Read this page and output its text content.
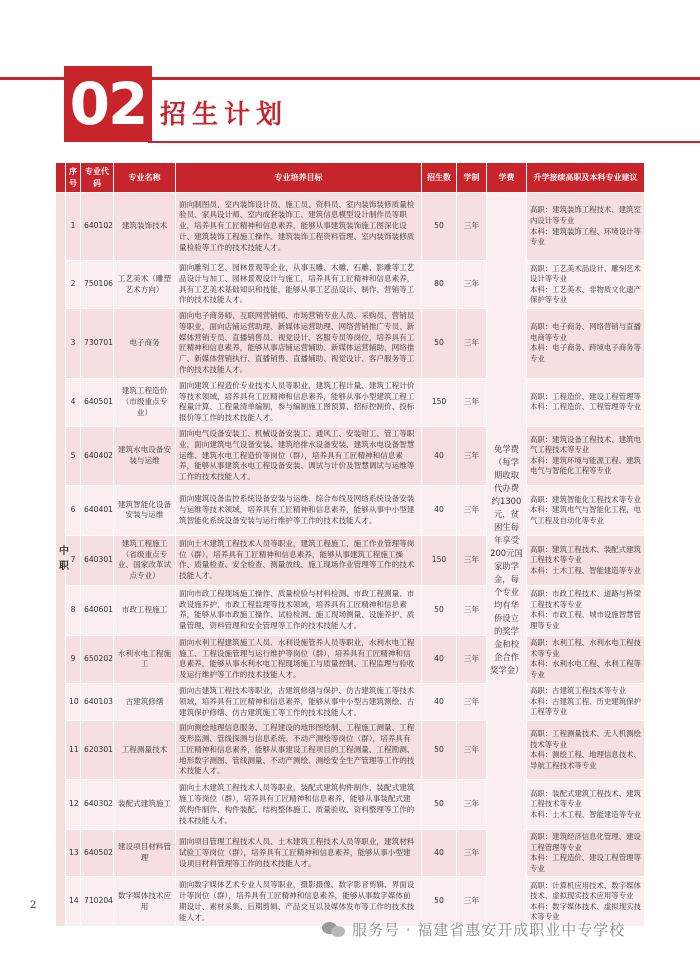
02 招生计划
	序号	专业代码	专业名称	专业培养目标	招生数	学制	学费	升学接续高职及本科专业建议
中职	1	640102	建筑装饰技术	面向制图员、室内装饰设计员、施工员、资料员、室内装饰装修质量检验员、家具设计师、室内成套装饰工、建筑信息模型设计制作员等职业，培养具有工匠精神和信息素养，能够从事建筑装饰施工图深化设计、建筑装饰工程施工操作、建筑装饰工程资料管理、室内装饰装修质量检验等工作的技术技能人才。	50	三年	免学费（每学期收取代办费约1300元，贫困生每年享受200元国家助学金，每个专业均有华侨设立的奖学金和校企合作奖学金）	高职：建筑装饰工程技术、建筑室内设计等专业
本科：建筑装饰工程、环境设计等专业
	2	750106	工艺美术（雕塑艺术方向）	面向雕刻工艺、园林景观等企业，从事玉雕、木雕、石雕、影雕等工艺品设计与加工、园林景观设计与施工，培养具有工匠精神和信息素养，具有工艺美术基础知识和技能，能够从事工艺品设计、制作、营销等工作的技术技能人才。	80	三年		高职：工艺美术品设计、雕刻艺术设计等专业
本科：工艺美术、非物质文化遗产保护等专业
	3	730701	电子商务	面向电子商务师、互联网营销师、市场营销专业人员、采购员、营销员等职业，面向店铺运营助理、新媒体运营助理、网络营销推广专员、新媒体营销专员、直播销售员、视觉设计、客服专员等岗位，培养具有工匠精神和信息素养，能够从事店铺运营辅助、新媒体运营辅助、网络推广、新媒体营销执行、直播销售、直播辅助、视觉设计、客户服务等工作的技术技能人才。	50	三年		高职：电子商务、网络营销与直播电商等专业
本科：电子商务、跨境电子商务等专业
	4	640501	建筑工程造价（市级重点专业）	面向建筑工程造价专业技术人员等职业，建筑工程计量、建筑工程计价等技术领域，培养具有工匠精神和信息素养，能够从事小型建筑工程工程量计算、工程量清单编制，参与编制施工图预算、招标控制价、投标报价等工作的技术技能人才。	150	三年		高职：工程造价、建设工程管理等
本科：工程造价、工程管理等专业
	5	640402	建筑水电设备安装与运维	面向电气设备安装工、机械设备安装工、通风工、安装钳工、管工等职业，面向建筑电气设备安装、建筑给排水设备安装、建筑水电设备智慧运维、建筑水电工程造价等岗位（群），培养具有工匠精神和信息素养，能够从事建筑水电工程设备安装、调试与计价及智慧调试与运维等工作的技术技能人才。	40	三年		高职：建筑设备工程技术、建筑电气工程技术等专业
本科：建筑环境与能源工程、建筑电气与智能化工程等专业
	6	640401	建筑智能化设备安装与运维	面向建筑设备监控系统设备安装与运维、综合布线及网络系统设备安装与运维等技术领域，培养具有工匠精神和信息素养，能够从事中小型建筑智能化系统设备安装与运行维护等工作的技术技能人才。	40	三年		高职：建筑智能化工程技术等专业
本科：建筑电气与智能化工程、电气工程及自动化等专业
	7	640301	建筑工程施工（省级重点专业、国家改革试点专业）	面向土木建筑工程技术人员等职业，建筑工程施工、施工作业管理等岗位（群），培养具有工匠精神和信息素养，能够从事建筑工程施工操作、质量检查、安全检查、测量放线、施工现场作业管理等工作的技术技能人才。	150	三年		高职：建筑工程技术、装配式建筑工程技术等专业
本科：土木工程、智能建造等专业
	8	640601	市政工程施工	面向市政工程现场施工操作、质量检验与材料检测、市政工程测量、市政设施养护、市政工程监理等技术领域，培养具有工匠精神和信息素养，能够从事市政施工操作、试验检测、施工现场测量、设施养护、质量管理、资料管理和安全管理等工作的技术技能人才。	50	三年		高职：市政工程技术、道路与桥梁工程技术等专业
本科：市政工程、城市设施智慧管理等专业
	9	650202	水利水电工程施工	面向水利工程建筑施工人员、水利设施管养人员等职业，水利水电工程施工、工程设施管理与运行维护等岗位（群），培养具有工匠精神和信息素养，能够从事水利水电工程现场施工与质量控制、工程监理与验收及运行维护等工作的技术技能人才。	40	三年		高职：水利工程、水利水电工程技术等专业
本科：水利水电工程、水利工程等专业
	10	640103	古建筑修缮	面向古建筑工程技术等职业，古建筑修缮与保护、仿古建筑施工等技术领域，培养具有工匠精神和信息素养，能够从事中小型古建筑测绘、古建筑保护修缮、仿古建筑施工等工作的技术技能人才。	40	三年		高职：古建筑工程技术等专业
本科：古建筑工程、历史建筑保护工程等专业
	11	620301	工程测量技术	面向测绘地理信息服务、工程建设的地形图绘制、工程施工测量、工程变形监测、管线探测与信息系统、不动产测绘等岗位（群），培养具有工匠精神和信息素养，能够从事建设工程项目的工程测量、工程勘测、地形数字测图、管线测量、不动产测绘、测绘安全生产管理等工作的技术技能人才。	50	三年		高职：工程测量技术、无人机测绘技术等专业
本科：测绘工程、地理信息技术、导航工程技术等专业
	12	640302	装配式建筑施工	面向土木建筑工程技术人员等职业，装配式建筑构件制作、装配式建筑施工等岗位（群），培养具有工匠精神和信息素养，能够从事装配式建筑构件制作、构件装配、结构整体施工、质量验收、资料整理等工作的技术技能人才。	50	三年		高职：装配式建筑工程技术、建筑工程技术等专业
本科：土木工程、智能建造等专业
	13	640502	建设项目材料管理	面向项目管理工程技术人员、土木建筑工程技术人员等职业，建筑材料试验工等岗位（群），培养具有工匠精神和信息素养，能够从事小型建设项目材料管理等工作的技术技能人才。	40	三年		高职：建筑经济信息化管理、建设工程管理等专业
本科：工程造价、建设工程管理等专业
	14	710204	数字媒体技术应用	面向数字媒体艺术专业人员等职业，摄影摄像、数字影音剪辑、界面设计等岗位（群），培养具有工匠精神和信息素养，能够从事数字媒体前期设计、素材采集、后期剪辑、产品交互以及媒体发布等工作的技术技能人才。	50	三年		高职：计算机应用技术、数字媒体技术、虚拟现实技术应用等专业
本科：数字媒体技术、虚拟现实技术等专业
2
服务号 · 福建省惠安开成职业中专学校
